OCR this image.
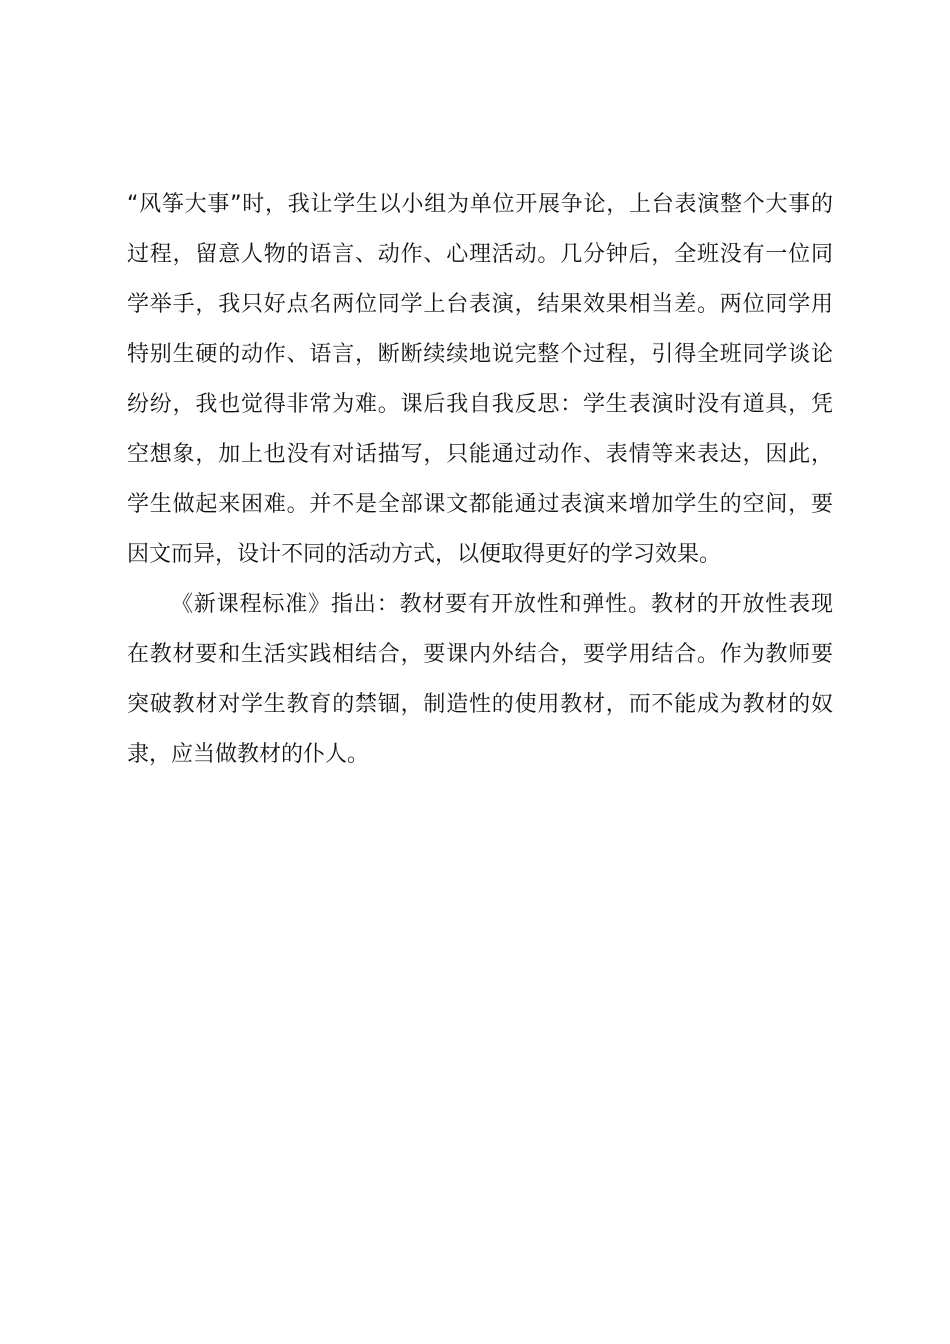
“风筝大事”时，我让学生以小组为单位开展争论，上台表演整个大事的
过程，留意人物的语言、动作、心理活动。几分钟后，全班没有一位同
学举手，我只好点名两位同学上台表演，结果效果相当差。两位同学用
特别生硬的动作、语言，断断续续地说完整个过程，引得全班同学谈论
纷纷，我也觉得非常为难。课后我自我反思：学生表演时没有道具，凭
空想象，加上也没有对话描写，只能通过动作、表情等来表达，因此，
学生做起来困难。并不是全部课文都能通过表演来增加学生的空间，要
因文而异，设计不同的活动方式，以便取得更好的学习效果。
《新课程标准》指出：教材要有开放性和弹性。教材的开放性表现
在教材要和生活实践相结合，要课内外结合，要学用结合。作为教师要
突破教材对学生教育的禁锢，制造性的使用教材，而不能成为教材的奴
隶，应当做教材的仆人。
